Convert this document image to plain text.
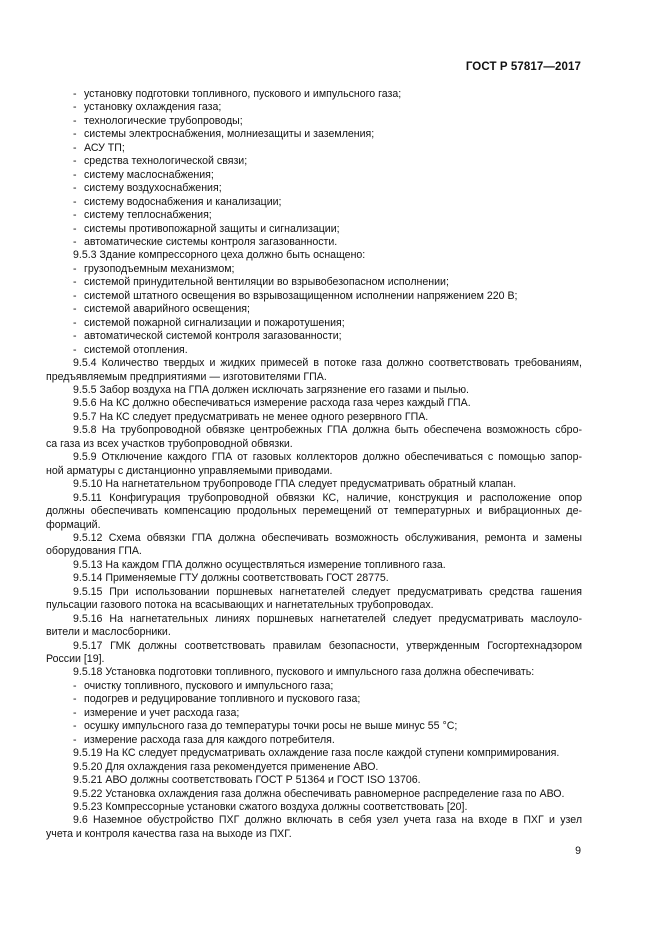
ГОСТ Р 57817—2017
- установку подготовки топливного, пускового и импульсного газа;
- установку охлаждения газа;
- технологические трубопроводы;
- системы электроснабжения, молниезащиты и заземления;
- АСУ ТП;
- средства технологической связи;
- систему маслоснабжения;
- систему воздухоснабжения;
- систему водоснабжения и канализации;
- систему теплоснабжения;
- системы противопожарной защиты и сигнализации;
- автоматические системы контроля загазованности.
9.5.3 Здание компрессорного цеха должно быть оснащено:
- грузоподъемным механизмом;
- системой принудительной вентиляции во взрывобезопасном исполнении;
- системой штатного освещения во взрывозащищенном исполнении напряжением 220 В;
- системой аварийного освещения;
- системой пожарной сигнализации и пожаротушения;
- автоматической системой контроля загазованности;
- системой отопления.
9.5.4 Количество твердых и жидких примесей в потоке газа должно соответствовать требованиям,
предъявляемым предприятиями — изготовителями ГПА.
9.5.5 Забор воздуха на ГПА должен исключать загрязнение его газами и пылью.
9.5.6 На КС должно обеспечиваться измерение расхода газа через каждый ГПА.
9.5.7 На КС следует предусматривать не менее одного резервного ГПА.
9.5.8 На трубопроводной обвязке центробежных ГПА должна быть обеспечена возможность сбро-
са газа из всех участков трубопроводной обвязки.
9.5.9 Отключение каждого ГПА от газовых коллекторов должно обеспечиваться с помощью запор-
ной арматуры с дистанционно управляемыми приводами.
9.5.10 На нагнетательном трубопроводе ГПА следует предусматривать обратный клапан.
9.5.11 Конфигурация трубопроводной обвязки КС, наличие, конструкция и расположение опор
должны обеспечивать компенсацию продольных перемещений от температурных и вибрационных де-
формаций.
9.5.12 Схема обвязки ГПА должна обеспечивать возможность обслуживания, ремонта и замены
оборудования ГПА.
9.5.13 На каждом ГПА должно осуществляться измерение топливного газа.
9.5.14 Применяемые ГТУ должны соответствовать ГОСТ 28775.
9.5.15 При использовании поршневых нагнетателей следует предусматривать средства гашения
пульсации газового потока на всасывающих и нагнетательных трубопроводах.
9.5.16 На нагнетательных линиях поршневых нагнетателей следует предусматривать маслоуло-
вители и маслосборники.
9.5.17 ГМК должны соответствовать правилам безопасности, утвержденным Госгортехнадзором
России [19].
9.5.18 Установка подготовки топливного, пускового и импульсного газа должна обеспечивать:
- очистку топливного, пускового и импульсного газа;
- подогрев и редуцирование топливного и пускового газа;
- измерение и учет расхода газа;
- осушку импульсного газа до температуры точки росы не выше минус 55 °С;
- измерение расхода газа для каждого потребителя.
9.5.19 На КС следует предусматривать охлаждение газа после каждой ступени компримирования.
9.5.20 Для охлаждения газа рекомендуется применение АВО.
9.5.21 АВО должны соответствовать ГОСТ Р 51364 и ГОСТ ISO 13706.
9.5.22 Установка охлаждения газа должна обеспечивать равномерное распределение газа по АВО.
9.5.23 Компрессорные установки сжатого воздуха должны соответствовать [20].
9.6 Наземное обустройство ПХГ должно включать в себя узел учета газа на входе в ПХГ и узел
учета и контроля качества газа на выходе из ПХГ.
9
